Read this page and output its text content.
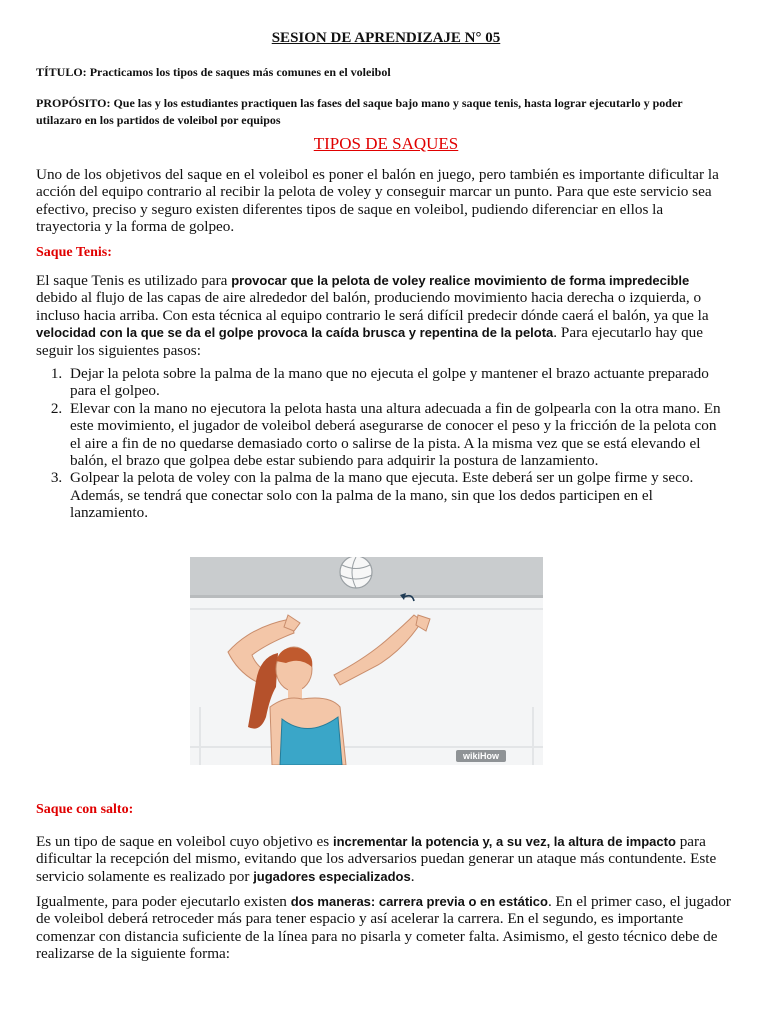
SESION DE APRENDIZAJE N° 05
TÍTULO: Practicamos los tipos de saques más comunes en el voleibol
PROPÓSITO: Que las y los estudiantes practiquen las fases del saque bajo mano y saque tenis, hasta lograr ejecutarlo y poder utilazaro en los partidos de voleibol por equipos
TIPOS DE SAQUES
Uno de los objetivos del saque en el voleibol es poner el balón en juego, pero también es importante dificultar la acción del equipo contrario al recibir la pelota de voley y conseguir marcar un punto. Para que este servicio sea efectivo, preciso y seguro existen diferentes tipos de saque en voleibol, pudiendo diferenciar en ellos la trayectoria y la forma de golpeo.
Saque Tenis:
El saque Tenis es utilizado para provocar que la pelota de voley realice movimiento de forma impredecible debido al flujo de las capas de aire alrededor del balón, produciendo movimiento hacia derecha o izquierda, o incluso hacia arriba. Con esta técnica al equipo contrario le será difícil predecir dónde caerá el balón, ya que la velocidad con la que se da el golpe provoca la caída brusca y repentina de la pelota. Para ejecutarlo hay que seguir los siguientes pasos:
1. Dejar la pelota sobre la palma de la mano que no ejecuta el golpe y mantener el brazo actuante preparado para el golpeo.
2. Elevar con la mano no ejecutora la pelota hasta una altura adecuada a fin de golpearla con la otra mano. En este movimiento, el jugador de voleibol deberá asegurarse de conocer el peso y la fricción de la pelota con el aire a fin de no quedarse demasiado corto o salirse de la pista. A la misma vez que se está elevando el balón, el brazo que golpea debe estar subiendo para adquirir la postura de lanzamiento.
3. Golpear la pelota de voley con la palma de la mano que ejecuta. Este deberá ser un golpe firme y seco. Además, se tendrá que conectar solo con la palma de la mano, sin que los dedos participen en el lanzamiento.
Saque con salto:
Es un tipo de saque en voleibol cuyo objetivo es incrementar la potencia y, a su vez, la altura de impacto para dificultar la recepción del mismo, evitando que los adversarios puedan generar un ataque más contundente. Este servicio solamente es realizado por jugadores especializados.
Igualmente, para poder ejecutarlo existen dos maneras: carrera previa o en estático. En el primer caso, el jugador de voleibol deberá retroceder más para tener espacio y así acelerar la carrera. En el segundo, es importante comenzar con distancia suficiente de la línea para no pisarla y cometer falta. Asimismo, el gesto técnico debe de realizarse de la siguiente forma:
wikiHow
